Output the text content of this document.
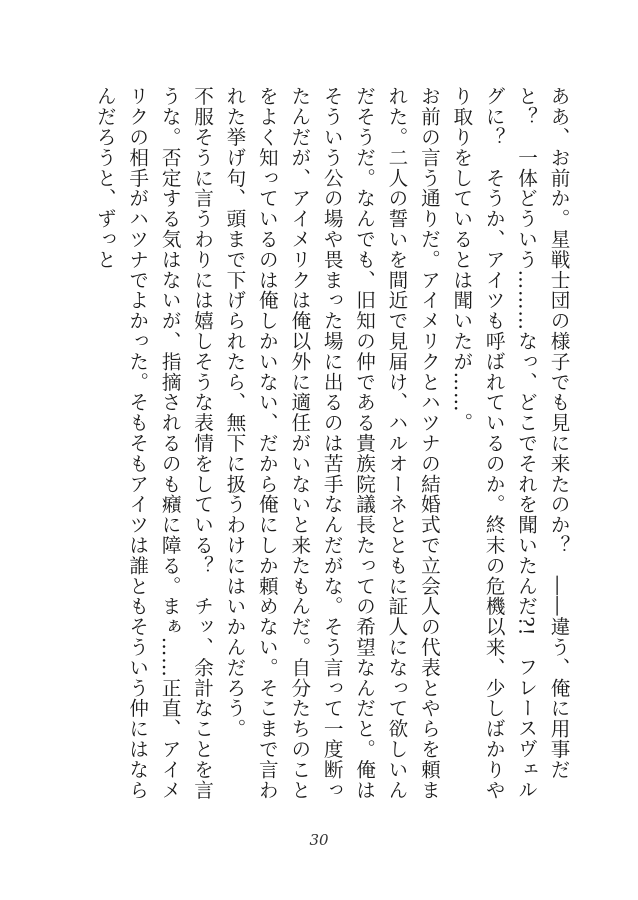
ああ、お前か。星戦士団の様子でも見に来たのか？　――違う、俺に用事だと？　一体どういう………なっ、どこでそれを聞いたんだ?!　フレースヴェルグに？　そうか、アイツも呼ばれているのか。終末の危機以来、少しばかりやり取りをしているとは聞いたが……。

お前の言う通りだ。アイメリクとハツナの結婚式で立会人の代表とやらを頼まれた。二人の誓いを間近で見届け、ハルオーネとともに証人になって欲しいんだそうだ。なんでも、旧知の仲である貴族院議長たっての希望なんだと。俺はそういう公の場や畏まった場に出るのは苦手なんだがな。そう言って一度断ったんだが、アイメリクは俺以外に適任がいないと来たもんだ。自分たちのことをよく知っているのは俺しかいない、だから俺にしか頼めない。そこまで言われた挙げ句、頭まで下げられたら、無下に扱うわけにはいかんだろう。

不服そうに言うわりには嬉しそうな表情をしている？　チッ、余計なことを言うな。否定する気はないが、指摘されるのも癪に障る。まぁ……正直、アイメリクの相手がハツナでよかった。そもそもアイツは誰ともそういう仲にはならんだろうと、ずっと

30
